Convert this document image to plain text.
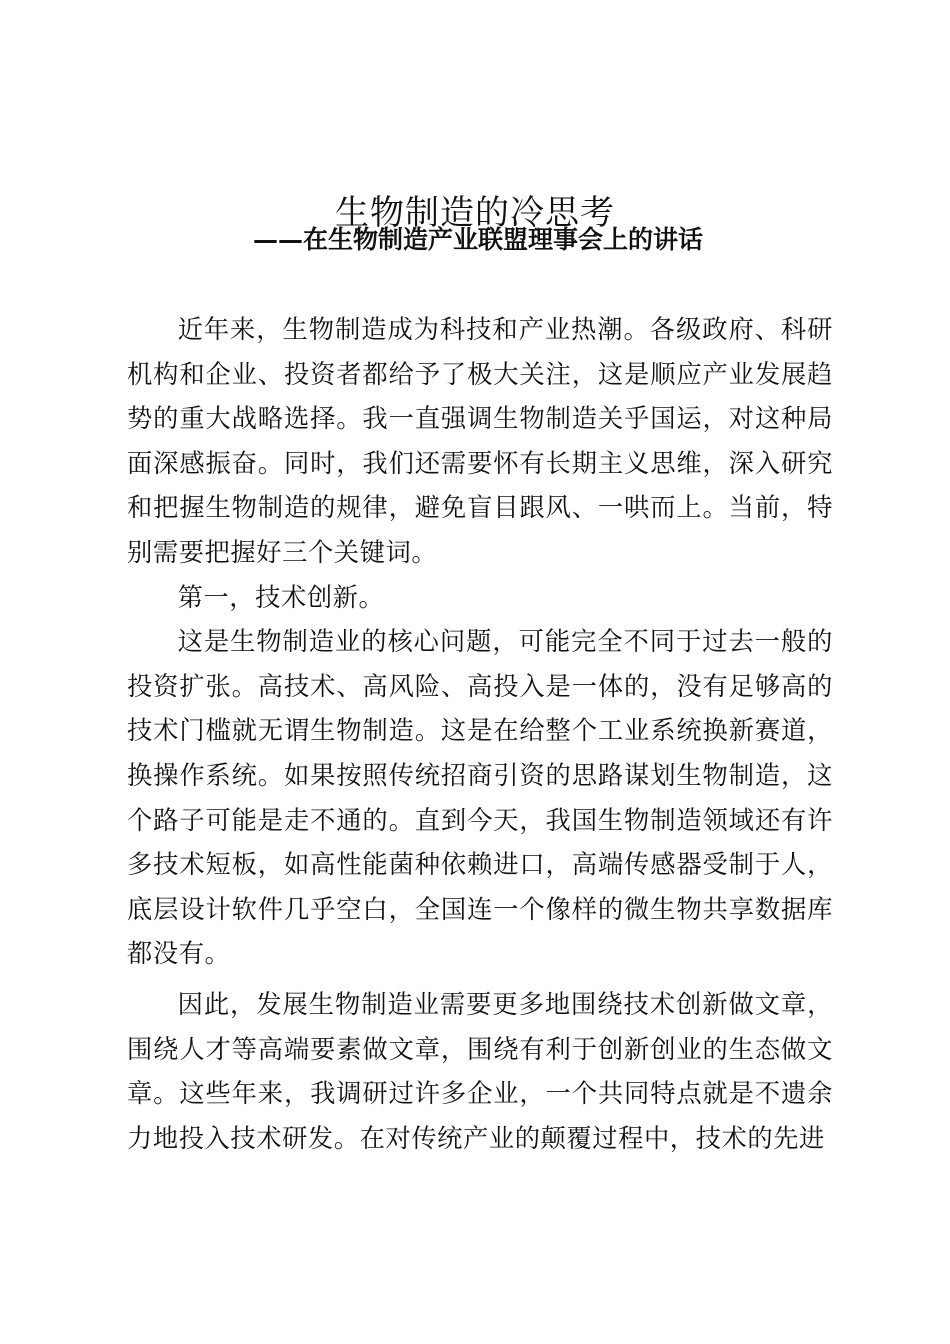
生物制造的冷思考
——在生物制造产业联盟理事会上的讲话

近年来，生物制造成为科技和产业热潮。各级政府、科研机构和企业、投资者都给予了极大关注，这是顺应产业发展趋势的重大战略选择。我一直强调生物制造关乎国运，对这种局面深感振奋。同时，我们还需要怀有长期主义思维，深入研究和把握生物制造的规律，避免盲目跟风、一哄而上。当前，特别需要把握好三个关键词。

第一，技术创新。

这是生物制造业的核心问题，可能完全不同于过去一般的投资扩张。高技术、高风险、高投入是一体的，没有足够高的技术门槛就无谓生物制造。这是在给整个工业系统换新赛道，换操作系统。如果按照传统招商引资的思路谋划生物制造，这个路子可能是走不通的。直到今天，我国生物制造领域还有许多技术短板，如高性能菌种依赖进口，高端传感器受制于人，底层设计软件几乎空白，全国连一个像样的微生物共享数据库都没有。

因此，发展生物制造业需要更多地围绕技术创新做文章，围绕人才等高端要素做文章，围绕有利于创新创业的生态做文章。这些年来，我调研过许多企业，一个共同特点就是不遗余力地投入技术研发。在对传统产业的颠覆过程中，技术的先进
